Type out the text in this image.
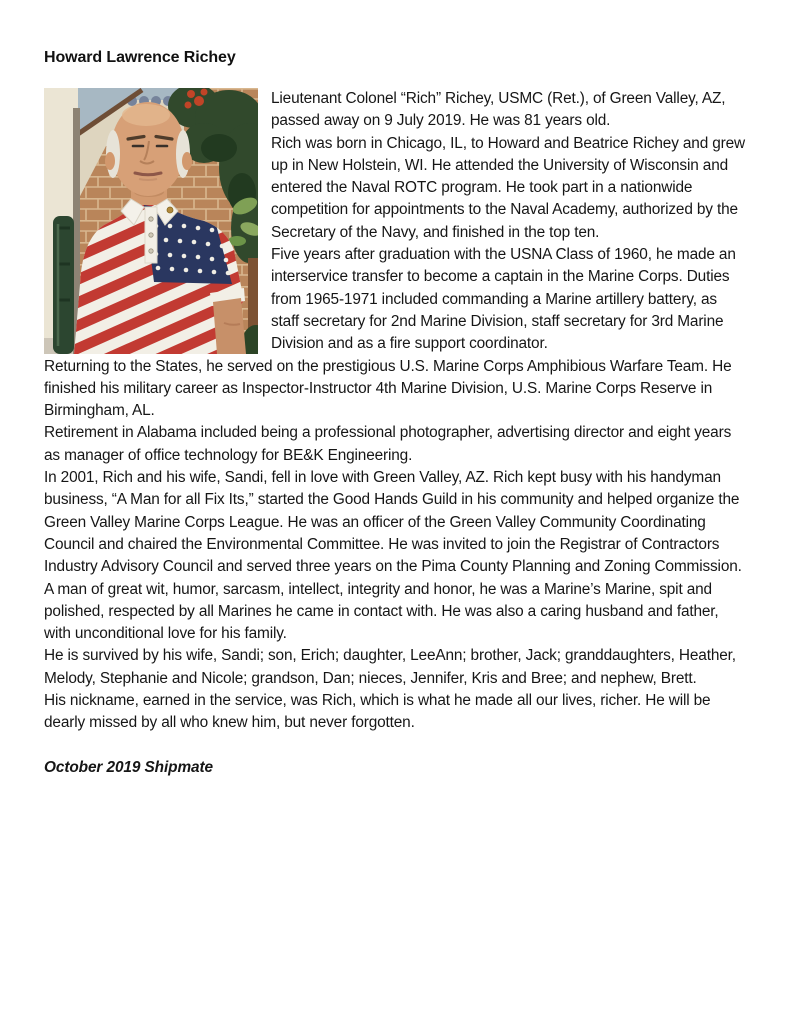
Howard Lawrence Richey

Lieutenant Colonel “Rich” Richey, USMC (Ret.), of Green Valley, AZ, passed away on 9 July 2019. He was 81 years old.

Rich was born in Chicago, IL, to Howard and Beatrice Richey and grew up in New Holstein, WI. He attended the University of Wisconsin and entered the Naval ROTC program. He took part in a nationwide competition for appointments to the Naval Academy, authorized by the Secretary of the Navy, and finished in the top ten.

Five years after graduation with the USNA Class of 1960, he made an interservice transfer to become a captain in the Marine Corps. Duties from 1965-1971 included commanding a Marine artillery battery, as staff secretary for 2nd Marine Division, staff secretary for 3rd Marine Division and as a fire support coordinator.

Returning to the States, he served on the prestigious U.S. Marine Corps Amphibious Warfare Team. He finished his military career as Inspector-Instructor 4th Marine Division, U.S. Marine Corps Reserve in Birmingham, AL.

Retirement in Alabama included being a professional photographer, advertising director and eight years as manager of office technology for BE&K Engineering.

In 2001, Rich and his wife, Sandi, fell in love with Green Valley, AZ. Rich kept busy with his handyman business, “A Man for all Fix Its,” started the Good Hands Guild in his community and helped organize the Green Valley Marine Corps League. He was an officer of the Green Valley Community Coordinating Council and chaired the Environmental Committee. He was invited to join the Registrar of Contractors Industry Advisory Council and served three years on the Pima County Planning and Zoning Commission.

A man of great wit, humor, sarcasm, intellect, integrity and honor, he was a Marine’s Marine, spit and polished, respected by all Marines he came in contact with. He was also a caring husband and father, with unconditional love for his family.

He is survived by his wife, Sandi; son, Erich; daughter, LeeAnn; brother, Jack; granddaughters, Heather, Melody, Stephanie and Nicole; grandson, Dan; nieces, Jennifer, Kris and Bree; and nephew, Brett.

His nickname, earned in the service, was Rich, which is what he made all our lives, richer. He will be dearly missed by all who knew him, but never forgotten.

October 2019 Shipmate
